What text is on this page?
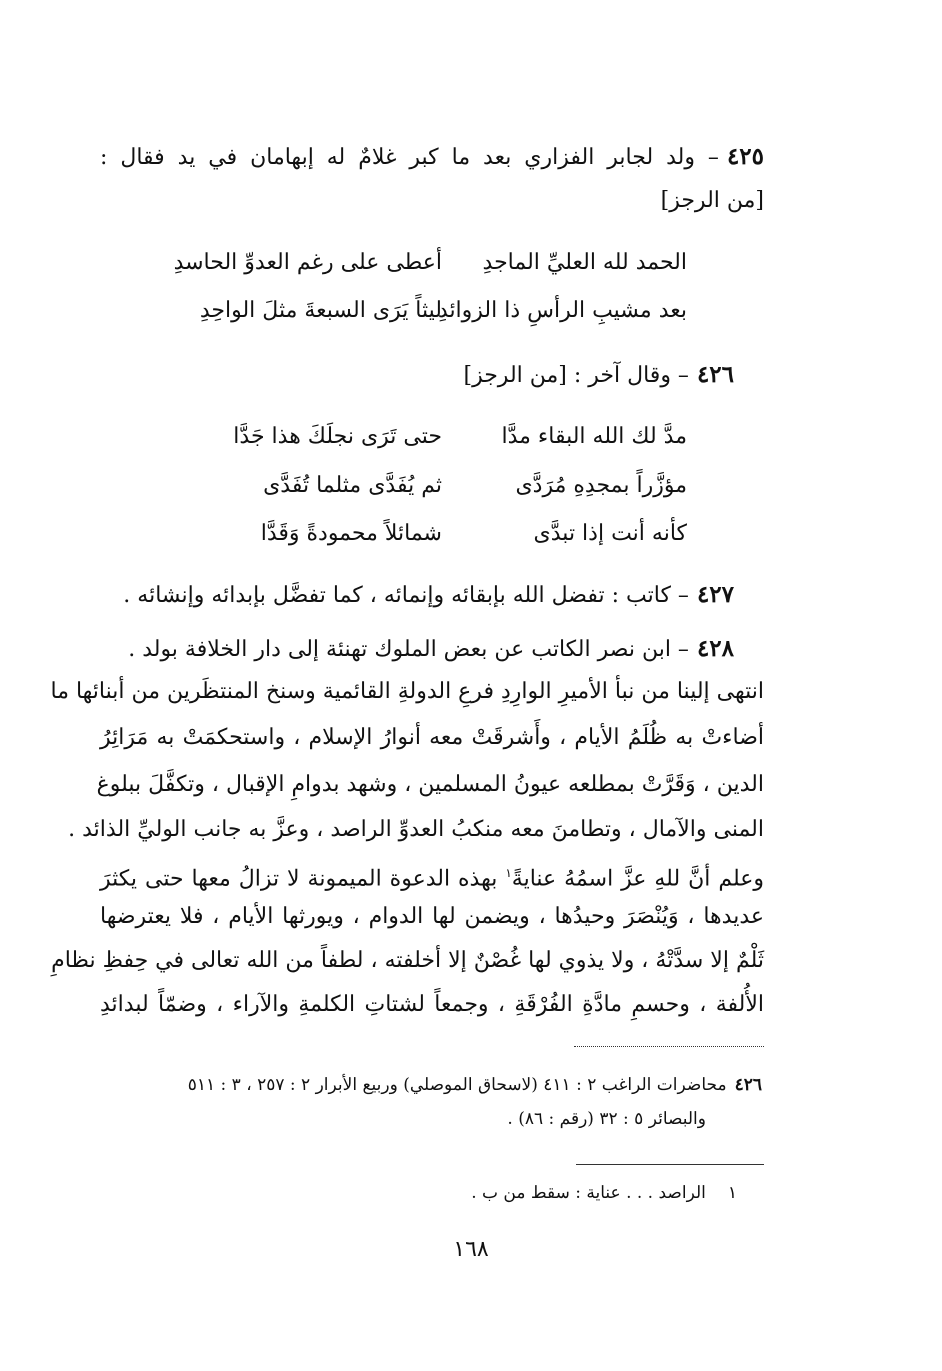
٤٢٥– ولد لجابر الفزاري بعد ما كبر غلامٌ له إبهامان في يد فقال :
[من الرجز]
الحمد لله العليِّ الماجدِ
أعطى على رغم العدوِّ الحاسدِ
بعد مشيبِ الرأسِ ذا الزوائدِ
ليثاً يَرَى السبعةَ مثلَ الواحِدِ
٤٢٦– وقال آخر : [من الرجز]
مدَّ لك الله البقاء مدَّا
حتى تَرَى نجلَكَ هذا جَدَّا
مؤزَّراً بمجدِهِ مُرَدَّى
ثم يُفَدَّى مثلما تُفَدَّى
كأنه أنت إذا تبدَّى
شمائلاً محمودةً وَقَدَّا
٤٢٧– كاتب : تفضل الله بإبقائه وإنمائه ، كما تفضَّل بإبدائه وإنشائه .
٤٢٨– ابن نصر الكاتب عن بعض الملوك تهنئة إلى دار الخلافة بولد .
انتهى إلينا من نبأ الأميرِ الوارِدِ فرعِ الدولةِ القائمية وسنخ المنتظَرين من أبنائها ما
أضاءتْ به ظُلَمُ الأيام ، وأَشرقَتْ معه أنوارُ الإسلام ، واستحكمَتْ به مَرَائِرُ
الدين ، وَقَرَّتْ بمطلعه عيونُ المسلمين ، وشهد بدوامِ الإقبال ، وتكفَّلَ ببلوغ
المنى والآمال ، وتطامنَ معه منكبُ العدوِّ الراصد ، وعزَّ به جانب الوليِّ الذائد .
وعلم أنَّ للهِ عزَّ اسمُهُ عنايةً$^١$ بهذه الدعوة الميمونة لا تزالُ معها حتى يكثرَ
عديدها ، وَيُنْصَرَ وحيدُها ، ويضمن لها الدوام ، ويورثها الأيام ، فلا يعترضها
ثَلْمٌ إلا سدَّتْهُ ، ولا يذوي لها غُصْنٌ إلا أخلفته ، لطفاً من الله تعالى في حِفظِ نظامِ
الأُلفة ، وحسمِ مادَّةِ الفُرْقَةِ ، وجمعاً لشتاتِ الكلمةِ والآراء ، وضمّاً لبدائدِ
٤٢٦محاضرات الراغب ٢ : ٤١١ (لاسحاق الموصلي) وربيع الأبرار ٢ : ٢٥٧ ، ٣ : ٥١١
والبصائر ٥ : ٣٢ (رقم : ٨٦) .
١الراصد . . . عناية : سقط من ب .
١٦٨
